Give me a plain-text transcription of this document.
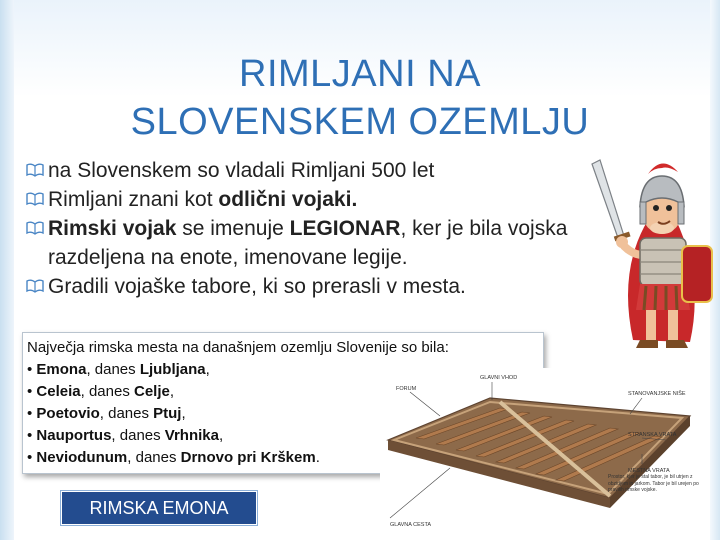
RIMLJANI NA
SLOVENSKEM OZEMLJU
na Slovenskem so vladali Rimljani 500 let
Rimljani znani kot odlični vojaki.
Rimski vojak se imenuje LEGIONAR, ker je bila vojska razdeljena na enote, imenovane legije.
Gradili vojaške tabore, ki so prerasli v mesta.
Največja rimska mesta na današnjem ozemlju Slovenije so bila:
• Emona, danes Ljubljana,
• Celeia, danes Celje,
• Poetovio, danes Ptuj,
• Nauportus, danes Vrhnika,
• Neviodunum, danes Drnovo pri Krškem.
GLAVNI VHOD
FORUM
STANOVANJSKE NIŠE
STRANSKA VRATA
MESTNA VRATA
GLAVNA CESTA
Prostor, kjer je stal tabor, je bil utrjen z obzidjem in jarkom. Tabor je bil urejen po pravilih rimske vojske.
RIMSKA EMONA
